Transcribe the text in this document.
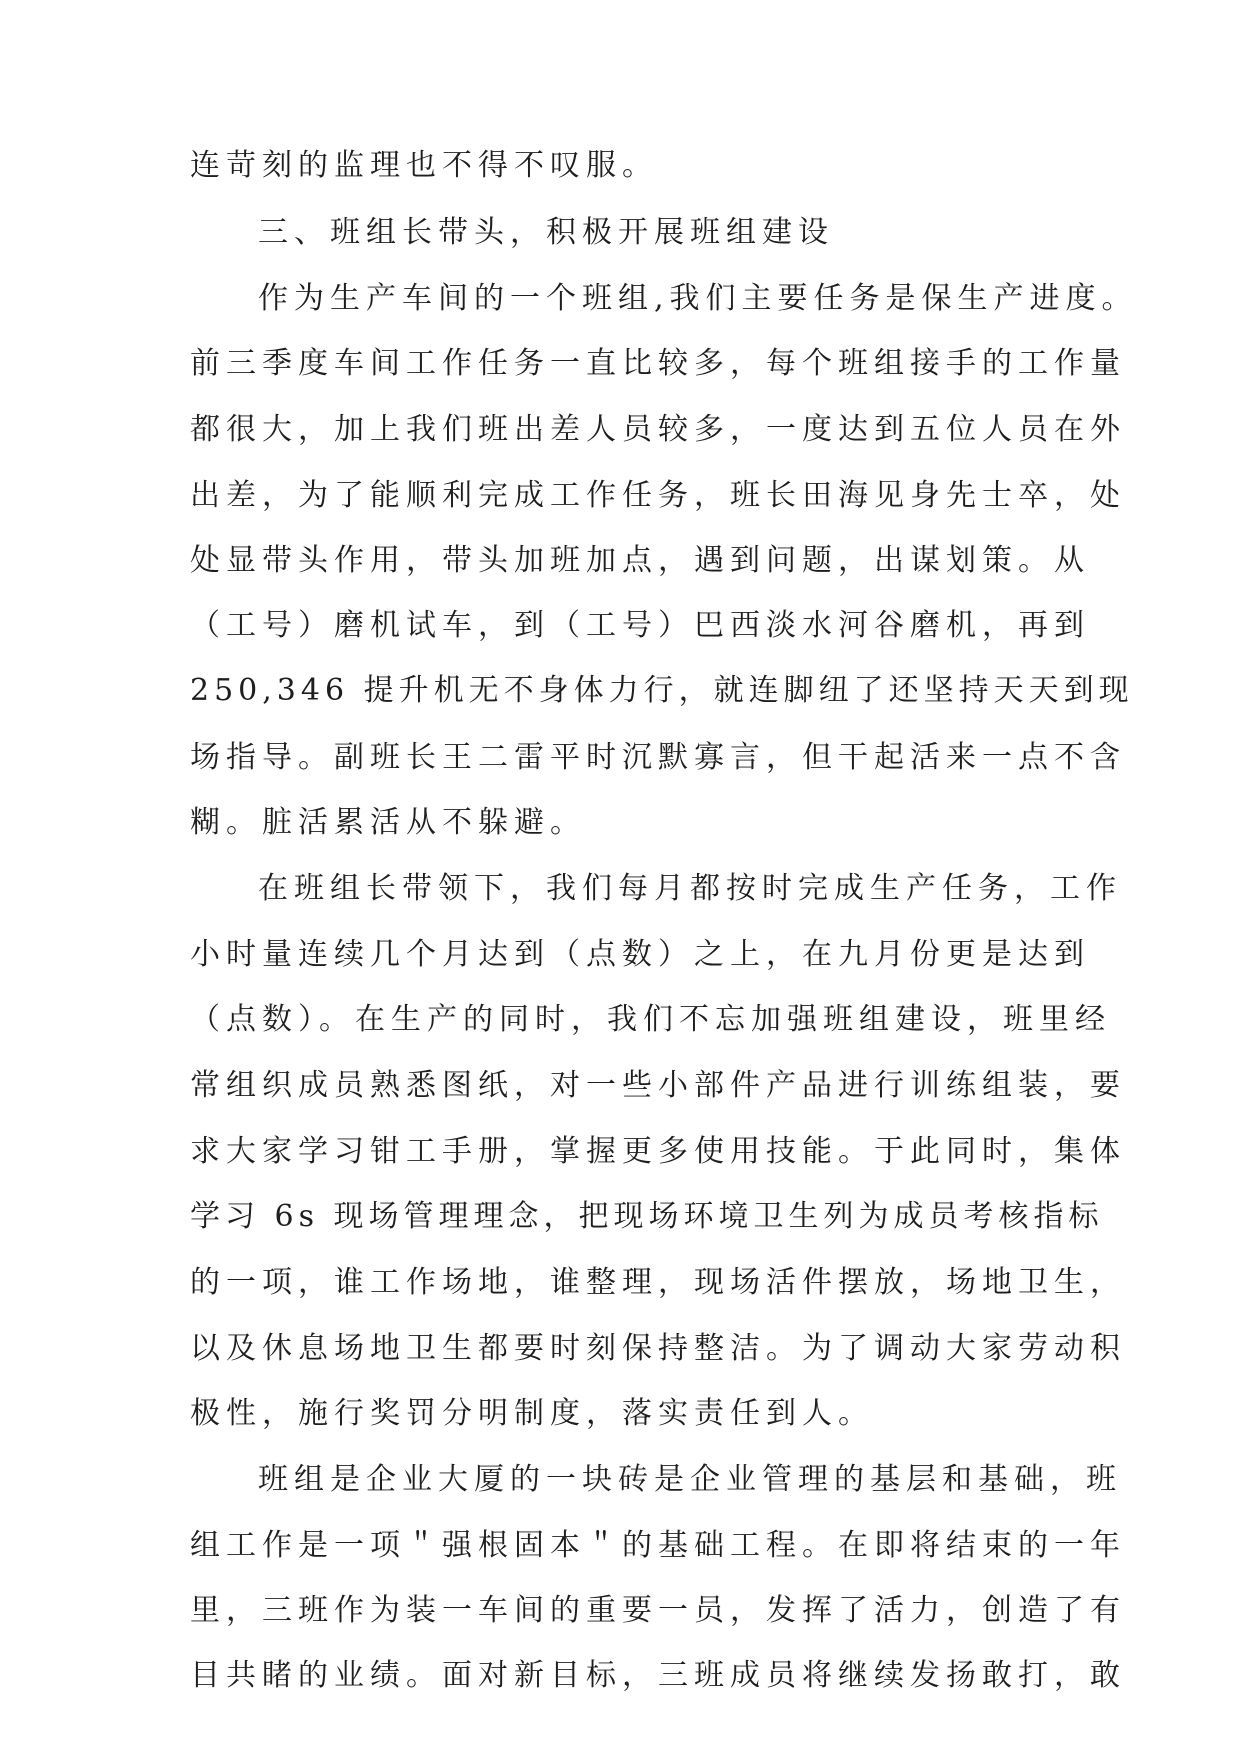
连苛刻的监理也不得不叹服。

三、班组长带头，积极开展班组建设

作为生产车间的一个班组,我们主要任务是保生产进度。

前三季度车间工作任务一直比较多，每个班组接手的工作量

都很大，加上我们班出差人员较多，一度达到五位人员在外

出差，为了能顺利完成工作任务，班长田海见身先士卒，处

处显带头作用，带头加班加点，遇到问题，出谋划策。从

（工号）磨机试车，到（工号）巴西淡水河谷磨机，再到

250,346 提升机无不身体力行，就连脚纽了还坚持天天到现

场指导。副班长王二雷平时沉默寡言，但干起活来一点不含

糊。脏活累活从不躲避。

在班组长带领下，我们每月都按时完成生产任务，工作

小时量连续几个月达到（点数）之上，在九月份更是达到

（点数）。在生产的同时，我们不忘加强班组建设，班里经

常组织成员熟悉图纸，对一些小部件产品进行训练组装，要

求大家学习钳工手册，掌握更多使用技能。于此同时，集体

学习 6s 现场管理理念，把现场环境卫生列为成员考核指标

的一项，谁工作场地，谁整理，现场活件摆放，场地卫生，

以及休息场地卫生都要时刻保持整洁。为了调动大家劳动积

极性，施行奖罚分明制度，落实责任到人。

班组是企业大厦的一块砖是企业管理的基层和基础，班

组工作是一项＂强根固本＂的基础工程。在即将结束的一年

里，三班作为装一车间的重要一员，发挥了活力，创造了有

目共睹的业绩。面对新目标，三班成员将继续发扬敢打，敢
